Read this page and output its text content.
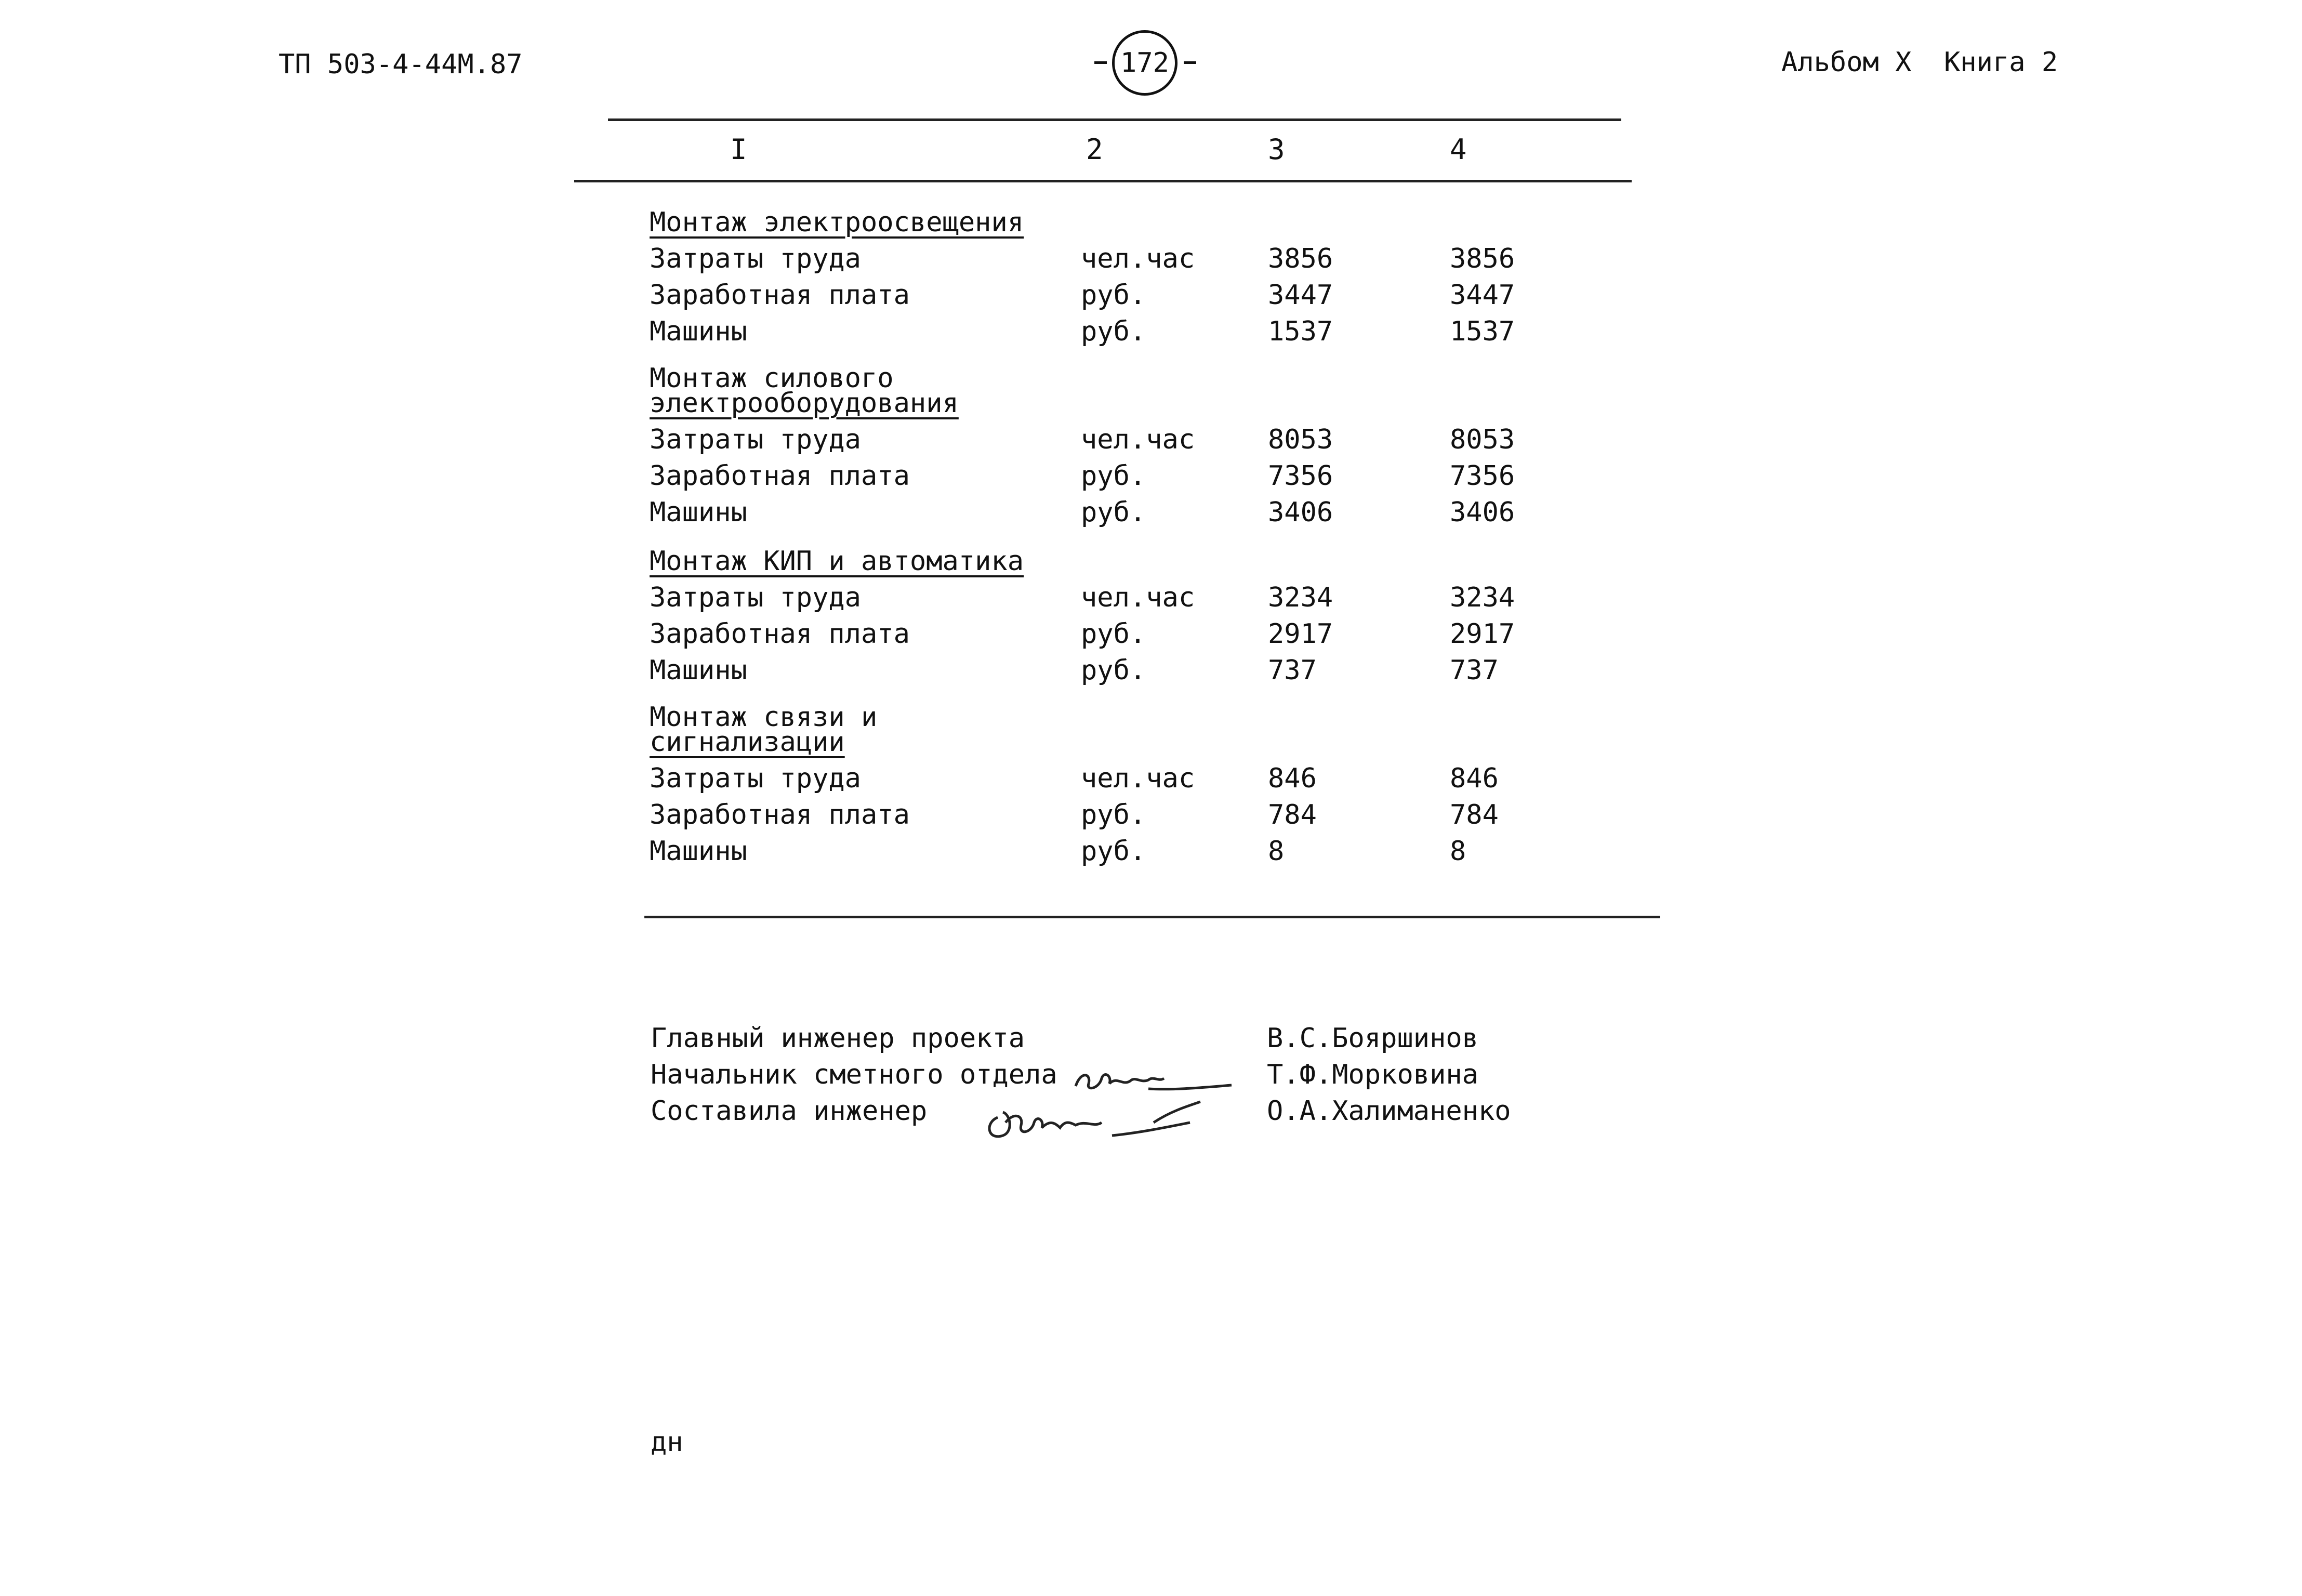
ТП 503-4-44М.87	172	Альбом X  Книга 2
I	2	3	4
Монтаж электроосвещения
Затраты труда	чел.час	3856	3856
Заработная плата	руб.	3447	3447
Машины	руб.	1537	1537
Монтаж силового
электрооборудования
Затраты труда	чел.час	8053	8053
Заработная плата	руб.	7356	7356
Машины	руб.	3406	3406
Монтаж КИП и автоматика
Затраты труда	чел.час	3234	3234
Заработная плата	руб.	2917	2917
Машины	руб.	737	737
Монтаж связи и
сигнализации
Затраты труда	чел.час	846	846
Заработная плата	руб.	784	784
Машины	руб.	8	8
Главный инженер проекта	В.С.Бояршинов
Начальник сметного отдела	Т.Ф.Морковина
Составила инженер	О.А.Халиманенко
дн
